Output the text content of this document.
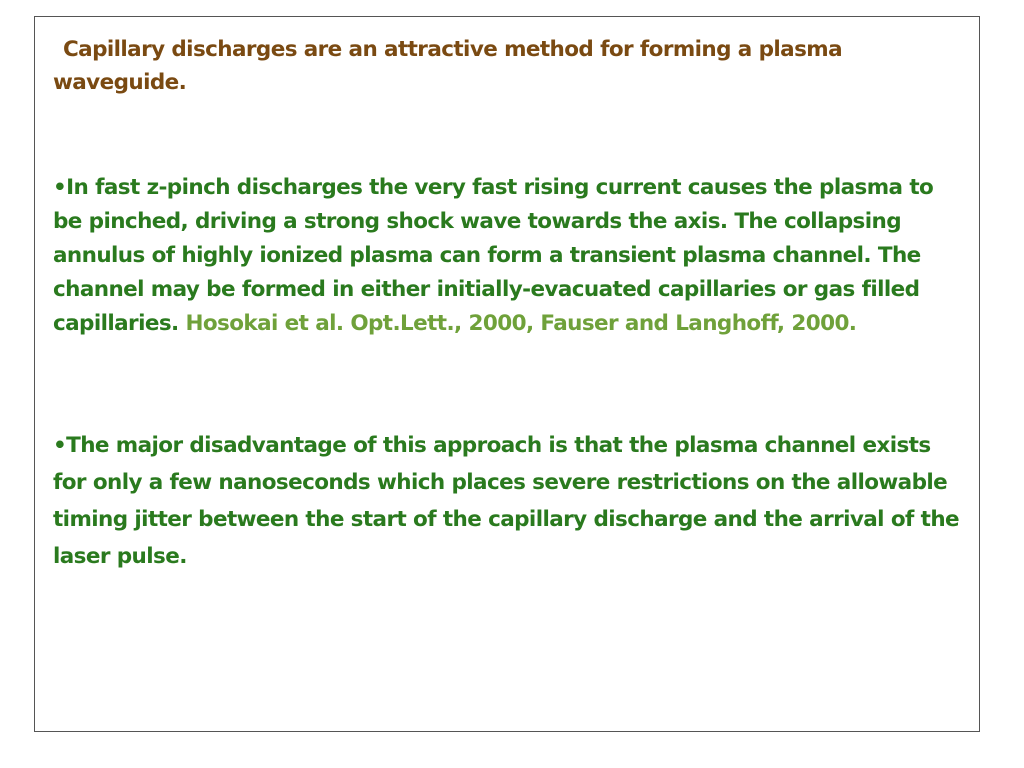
Capillary discharges are an attractive method for forming a plasma waveguide.
•In fast z-pinch discharges the very fast rising current causes the plasma to be pinched, driving a strong shock wave towards the axis. The collapsing annulus of highly ionized plasma can form a transient plasma channel. The channel may be formed in either initially-evacuated capillaries or gas filled capillaries. Hosokai et al. Opt.Lett., 2000, Fauser and Langhoff, 2000.
•The major disadvantage of this approach is that the plasma channel exists for only a few nanoseconds which places severe restrictions on the allowable timing jitter between the start of the capillary discharge and the arrival of the laser pulse.
